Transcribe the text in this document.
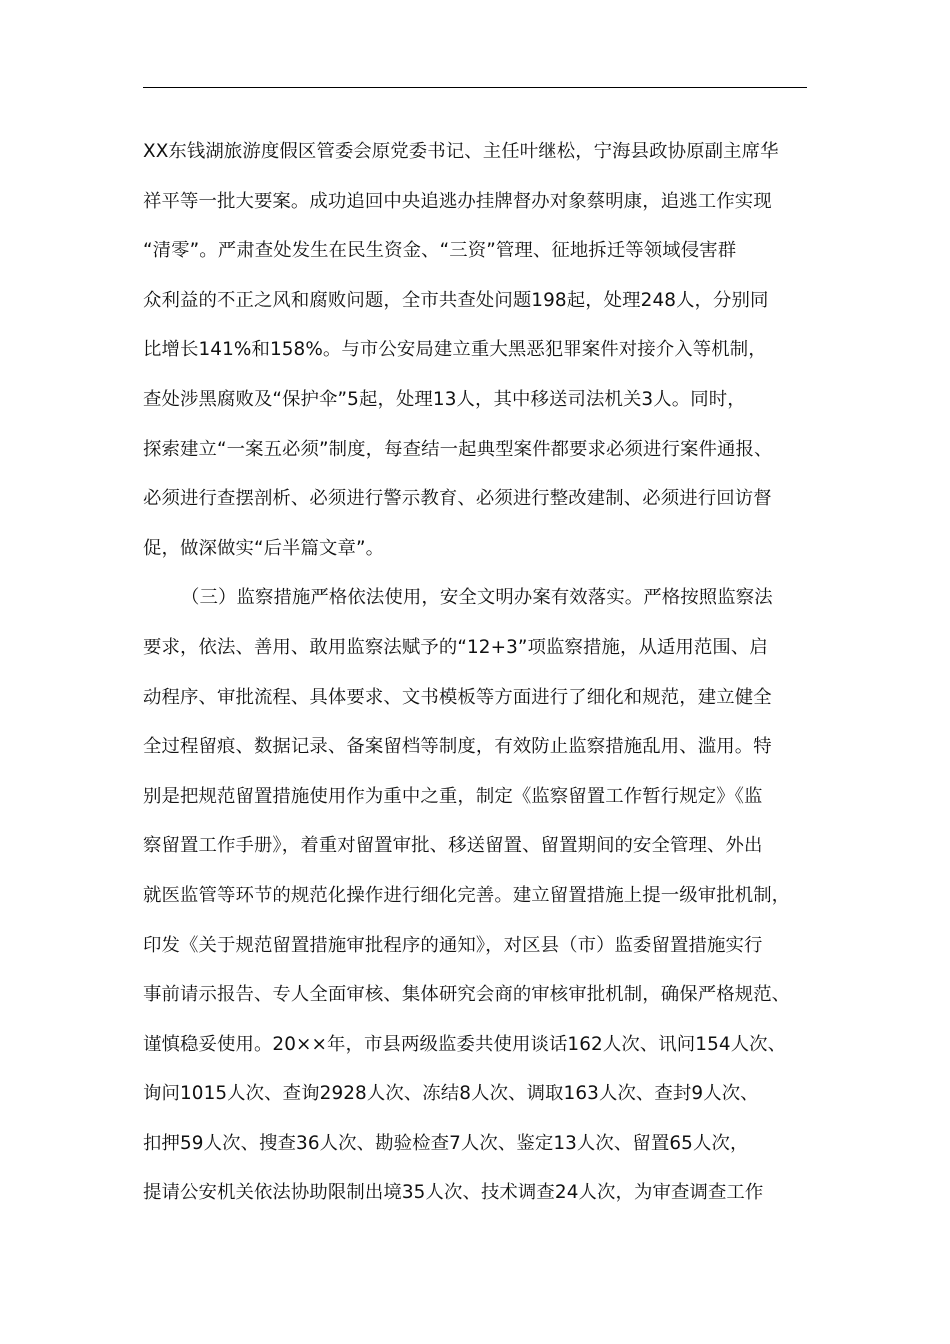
XX东钱湖旅游度假区管委会原党委书记、主任叶继松，宁海县政协原副主席华
祥平等一批大要案。成功追回中央追逃办挂牌督办对象蔡明康，追逃工作实现
“清零”。严肃查处发生在民生资金、“三资”管理、征地拆迁等领域侵害群
众利益的不正之风和腐败问题，全市共查处问题198起，处理248人，分别同
比增长141%和158%。与市公安局建立重大黑恶犯罪案件对接介入等机制，
查处涉黑腐败及“保护伞”5起，处理13人，其中移送司法机关3人。同时，
探索建立“一案五必须”制度，每查结一起典型案件都要求必须进行案件通报、
必须进行查摆剖析、必须进行警示教育、必须进行整改建制、必须进行回访督
促，做深做实“后半篇文章”。
（三）监察措施严格依法使用，安全文明办案有效落实。严格按照监察法
要求，依法、善用、敢用监察法赋予的“12+3”项监察措施，从适用范围、启
动程序、审批流程、具体要求、文书模板等方面进行了细化和规范，建立健全
全过程留痕、数据记录、备案留档等制度，有效防止监察措施乱用、滥用。特
别是把规范留置措施使用作为重中之重，制定《监察留置工作暂行规定》《监
察留置工作手册》，着重对留置审批、移送留置、留置期间的安全管理、外出
就医监管等环节的规范化操作进行细化完善。建立留置措施上提一级审批机制，
印发《关于规范留置措施审批程序的通知》，对区县（市）监委留置措施实行
事前请示报告、专人全面审核、集体研究会商的审核审批机制，确保严格规范、
谨慎稳妥使用。20××年，市县两级监委共使用谈话162人次、讯问154人次、
询问1015人次、查询2928人次、冻结8人次、调取163人次、查封9人次、
扣押59人次、搜查36人次、勘验检查7人次、鉴定13人次、留置65人次，
提请公安机关依法协助限制出境35人次、技术调查24人次，为审查调查工作
